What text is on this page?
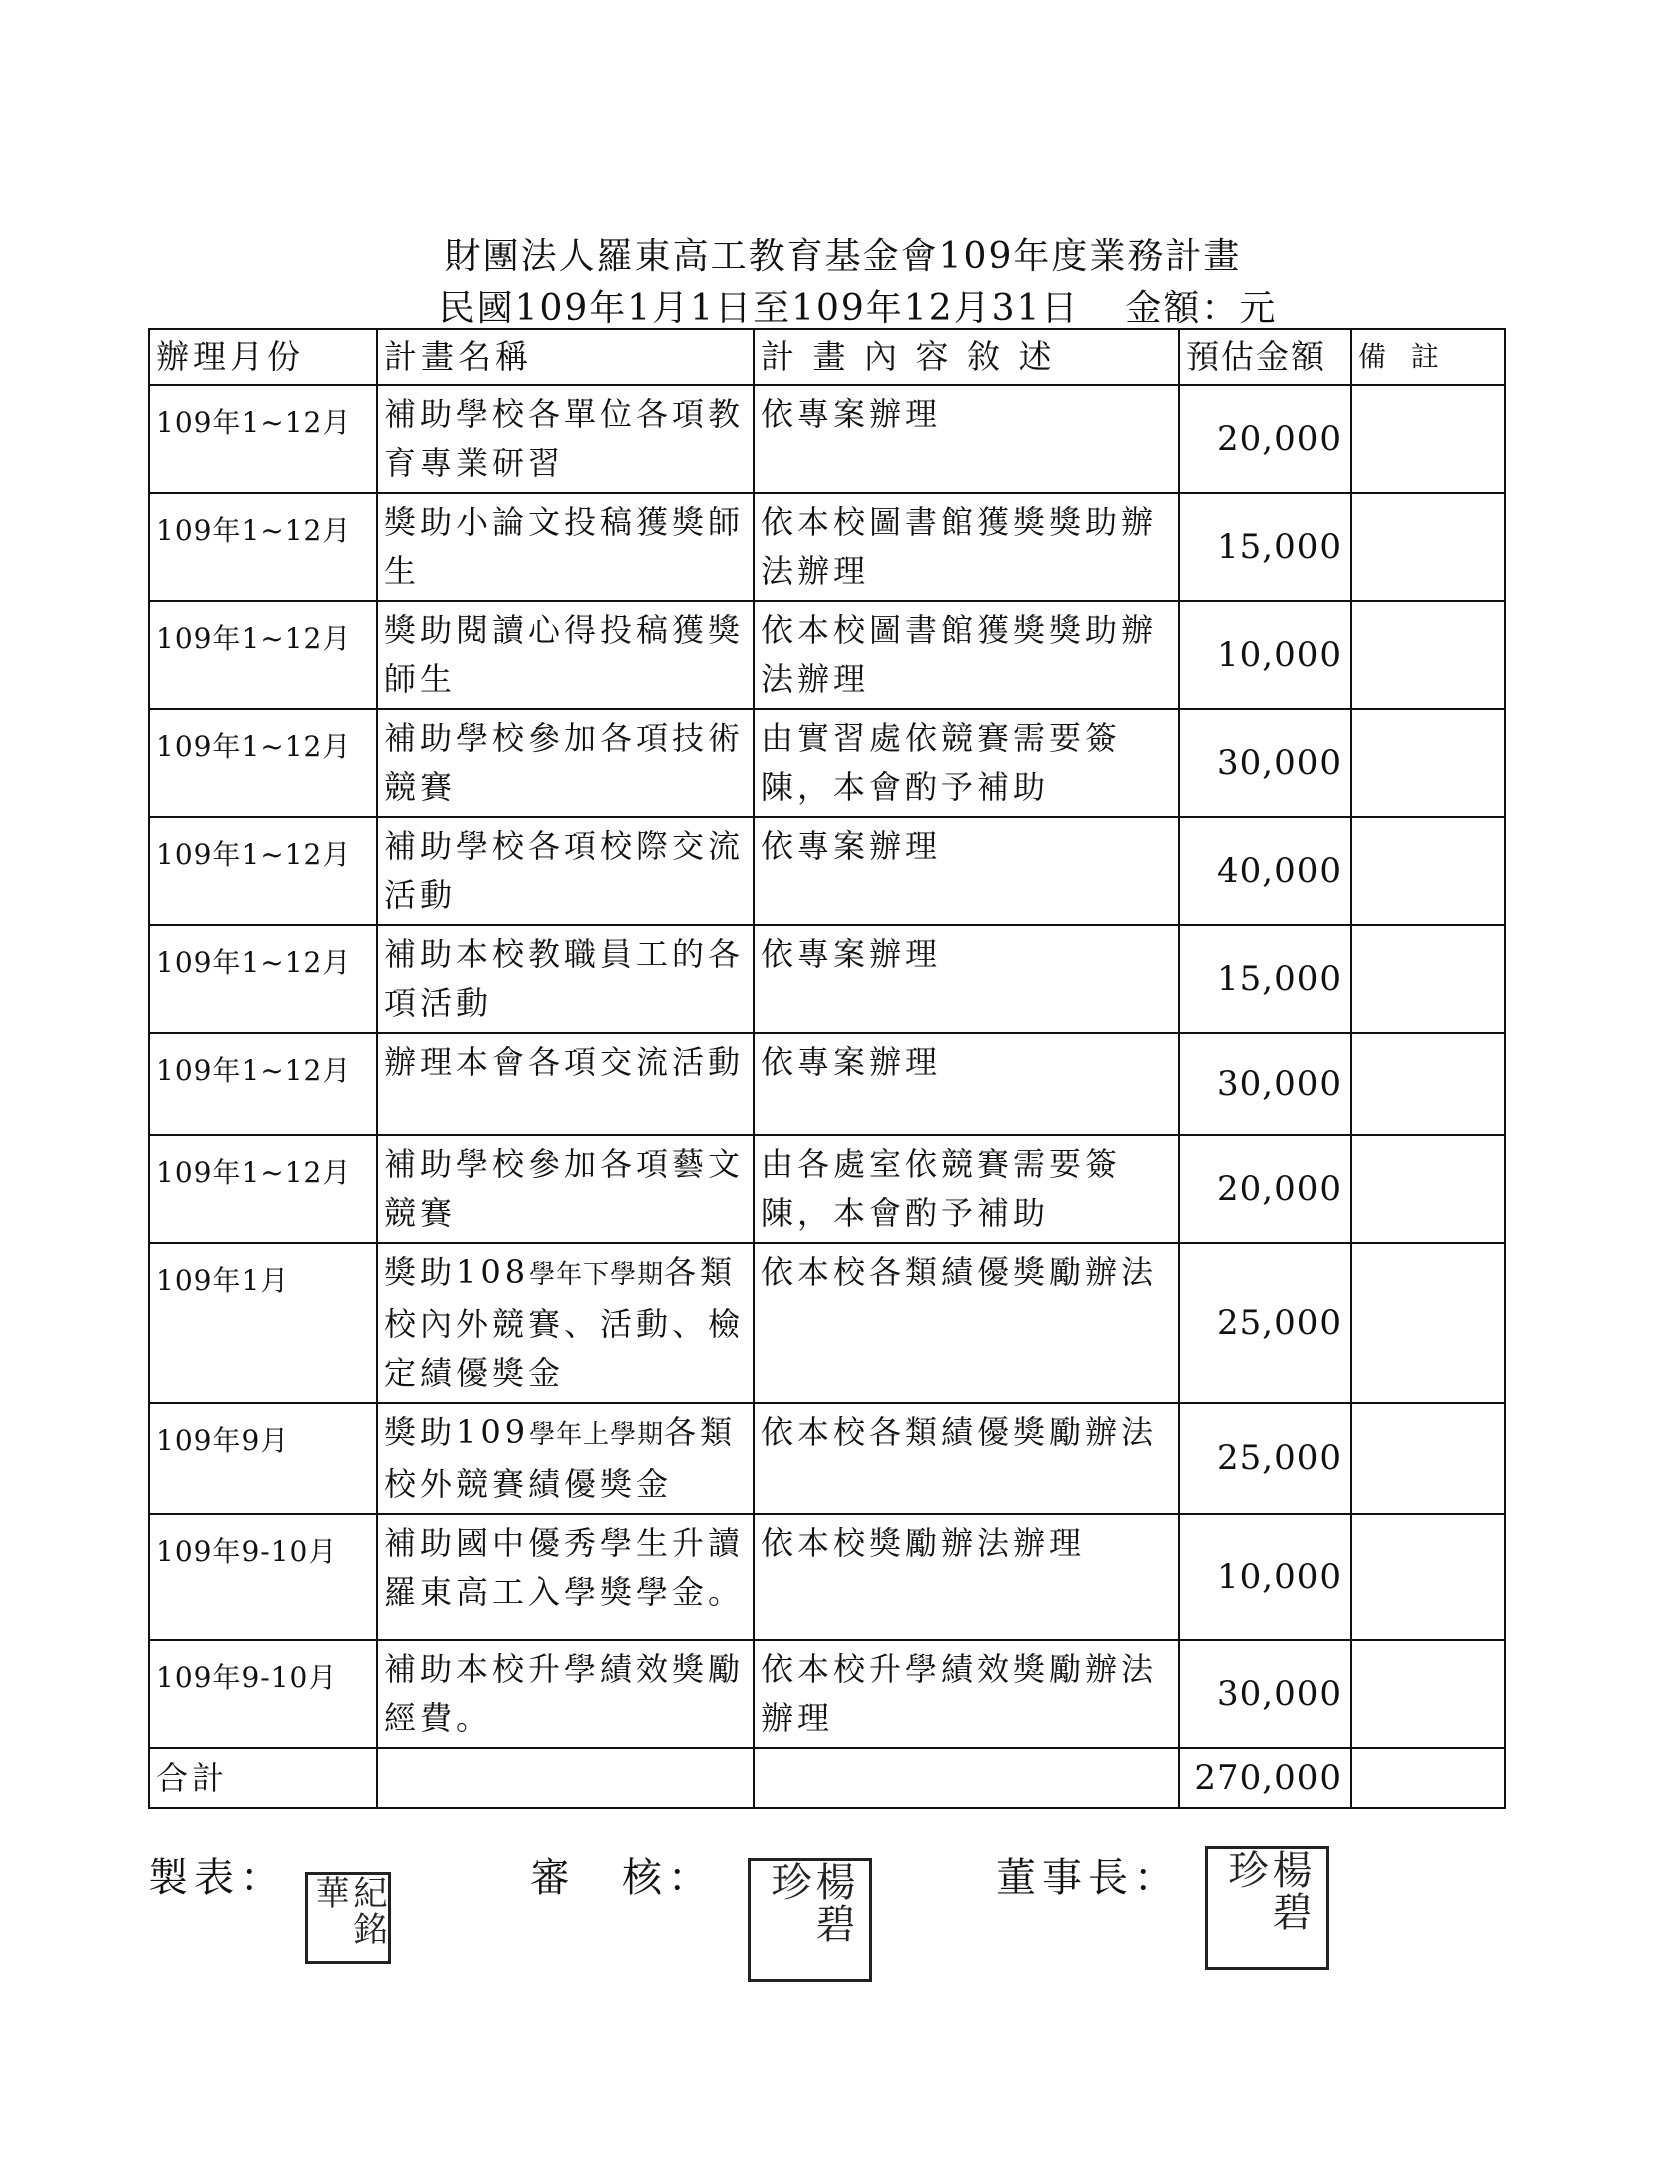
財團法人羅東高工教育基金會109年度業務計畫
民國109年1月1日至109年12月31日 金額：元
辦理月份	計畫名稱	計 畫 內 容 敘 述	預估金額	備 註
109年1~12月	補助學校各單位各項教育專業研習	依專案辦理	20,000	
109年1~12月	獎助小論文投稿獲獎師生	依本校圖書館獲獎獎助辦法辦理	15,000	
109年1~12月	獎助閱讀心得投稿獲獎師生	依本校圖書館獲獎獎助辦法辦理	10,000	
109年1~12月	補助學校參加各項技術競賽	由實習處依競賽需要簽陳，本會酌予補助	30,000	
109年1~12月	補助學校各項校際交流活動	依專案辦理	40,000	
109年1~12月	補助本校教職員工的各項活動	依專案辦理	15,000	
109年1~12月	辦理本會各項交流活動	依專案辦理	30,000	
109年1~12月	補助學校參加各項藝文競賽	由各處室依競賽需要簽陳，本會酌予補助	20,000	
109年1月	獎助108學年下學期各類校內外競賽、活動、檢定績優獎金	依本校各類績優獎勵辦法	25,000	
109年9月	獎助109學年上學期各類校外競賽績優獎金	依本校各類績優獎勵辦法	25,000	
109年9-10月	補助國中優秀學生升讀羅東高工入學獎學金。	依本校獎勵辦法辦理	10,000	
109年9-10月	補助本校升學績效獎勵經費。	依本校升學績效獎勵辦法辦理	30,000	
合計			270,000	
製表：	紀銘華	審　核：	楊碧珍	董事長：	楊碧珍
